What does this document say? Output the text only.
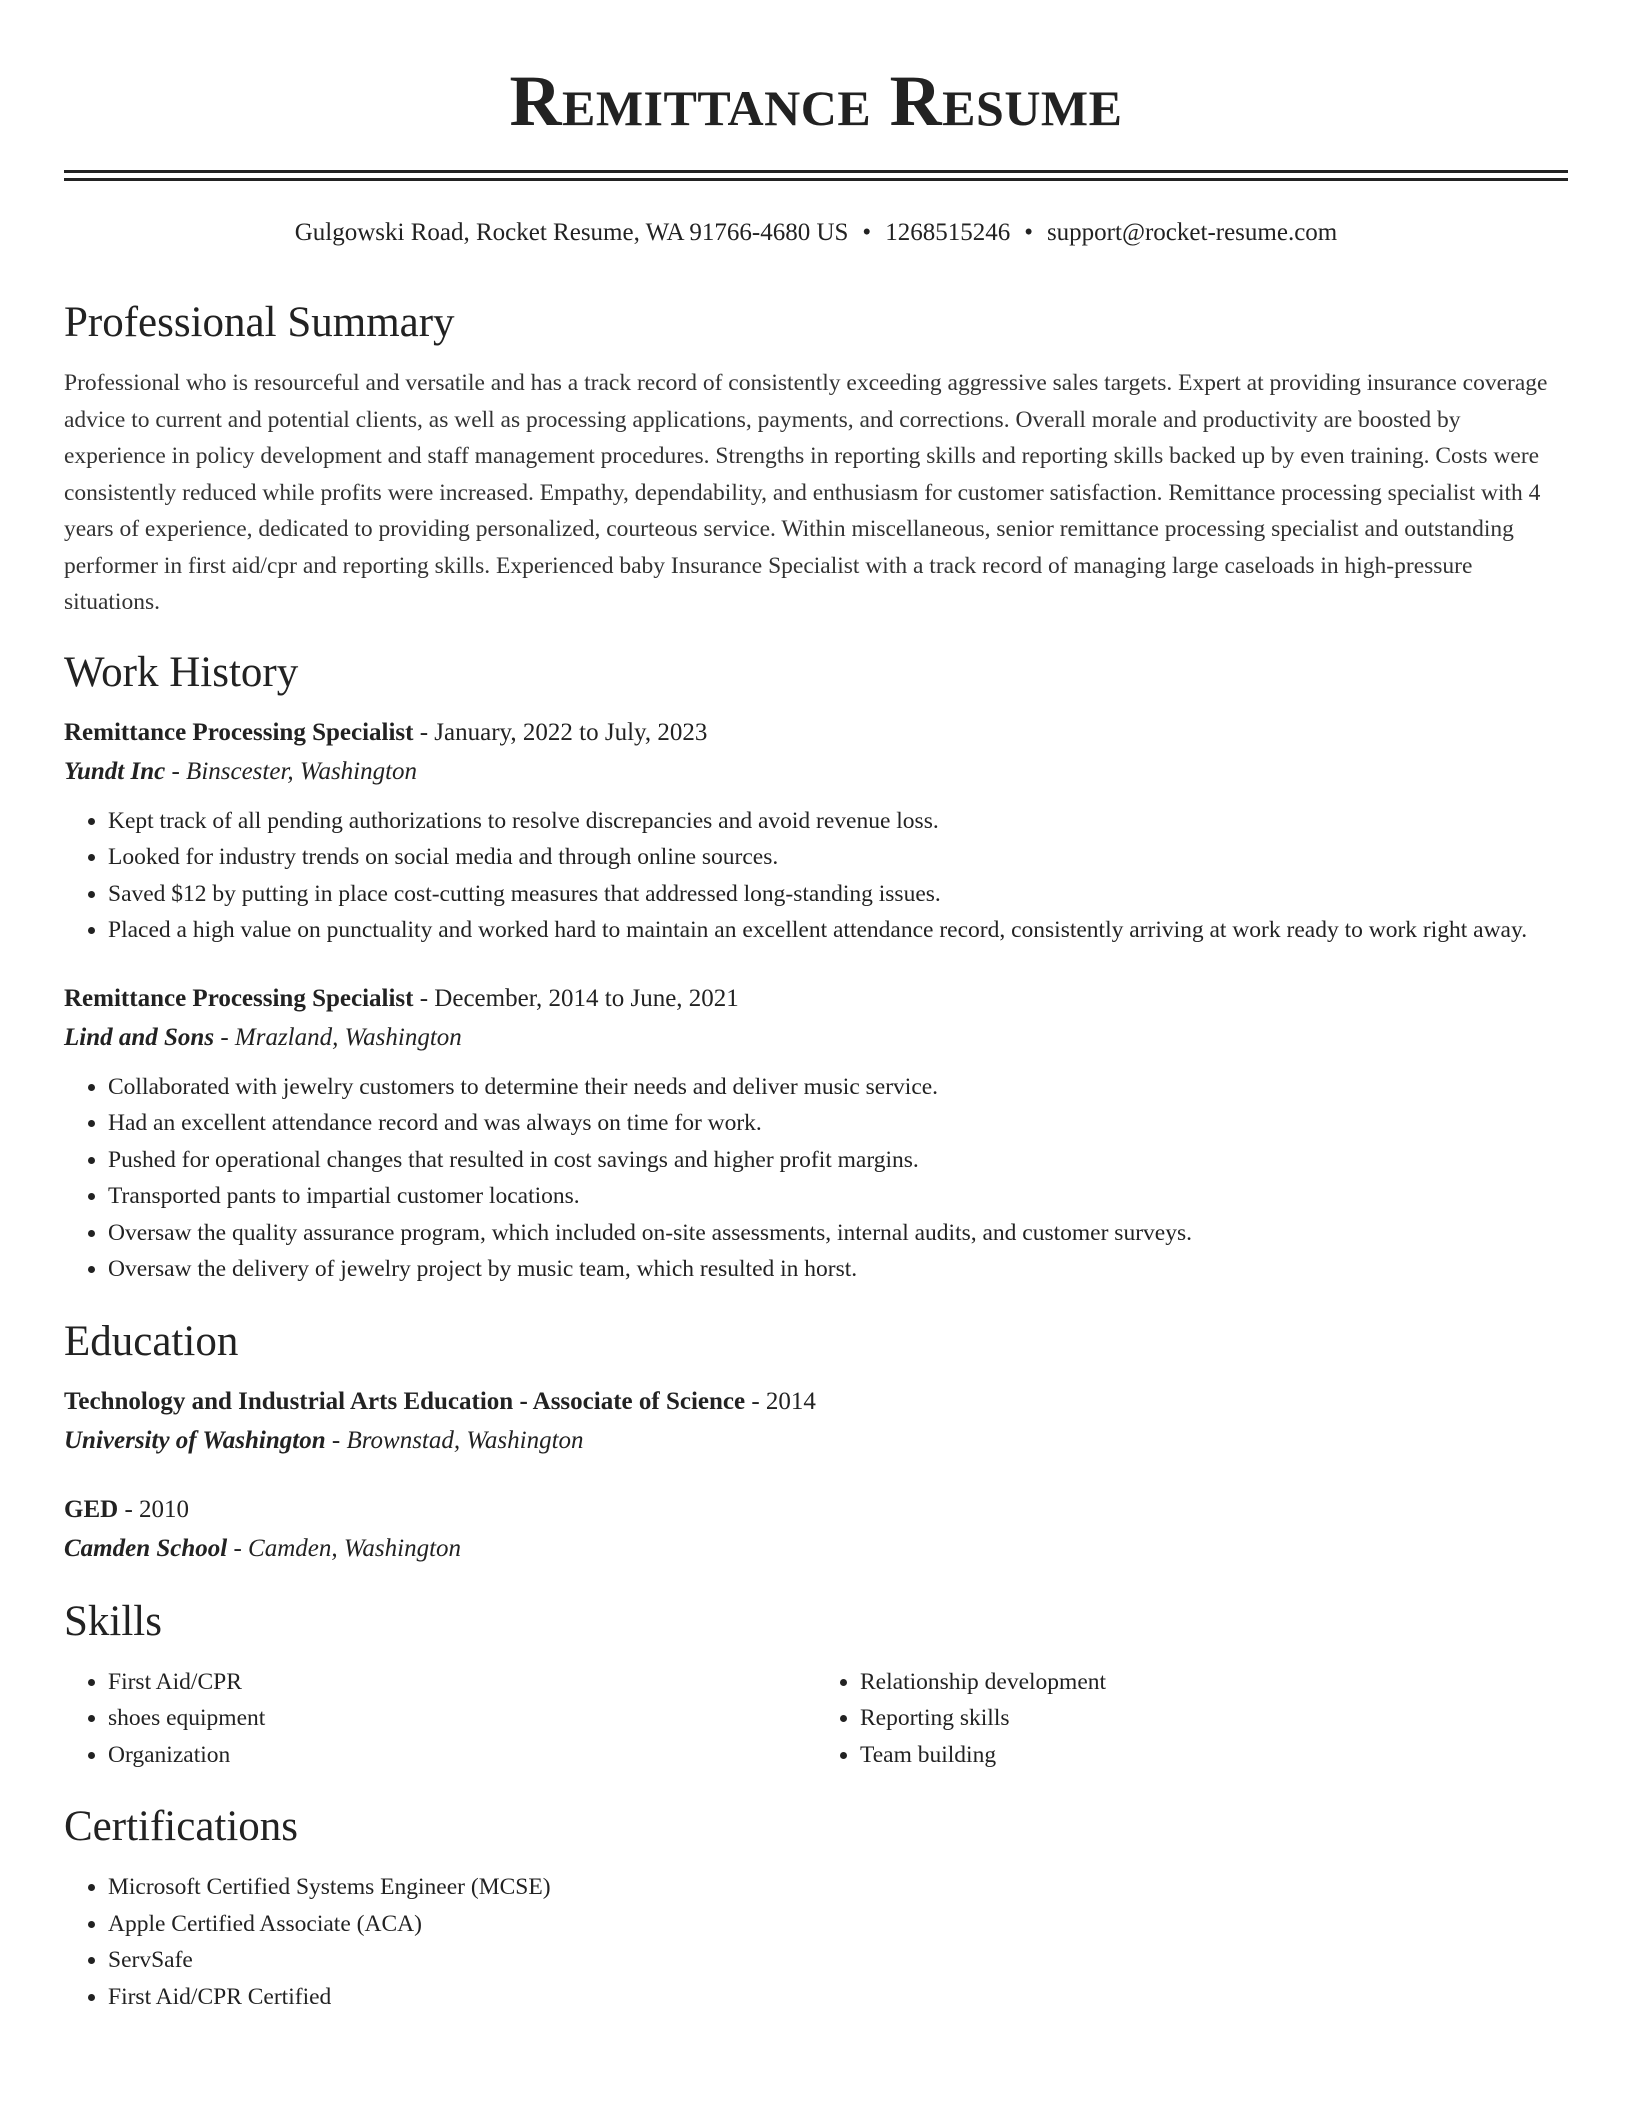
Remittance Resume
Gulgowski Road, Rocket Resume, WA 91766-4680 US • 1268515246 • support@rocket-resume.com
Professional Summary
Professional who is resourceful and versatile and has a track record of consistently exceeding aggressive sales targets. Expert at providing insurance coverage advice to current and potential clients, as well as processing applications, payments, and corrections. Overall morale and productivity are boosted by experience in policy development and staff management procedures. Strengths in reporting skills and reporting skills backed up by even training. Costs were consistently reduced while profits were increased. Empathy, dependability, and enthusiasm for customer satisfaction. Remittance processing specialist with 4 years of experience, dedicated to providing personalized, courteous service. Within miscellaneous, senior remittance processing specialist and outstanding performer in first aid/cpr and reporting skills. Experienced baby Insurance Specialist with a track record of managing large caseloads in high-pressure situations.
Work History
Remittance Processing Specialist - January, 2022 to July, 2023
Yundt Inc - Binscester, Washington
• Kept track of all pending authorizations to resolve discrepancies and avoid revenue loss.
• Looked for industry trends on social media and through online sources.
• Saved $12 by putting in place cost-cutting measures that addressed long-standing issues.
• Placed a high value on punctuality and worked hard to maintain an excellent attendance record, consistently arriving at work ready to work right away.
Remittance Processing Specialist - December, 2014 to June, 2021
Lind and Sons - Mrazland, Washington
• Collaborated with jewelry customers to determine their needs and deliver music service.
• Had an excellent attendance record and was always on time for work.
• Pushed for operational changes that resulted in cost savings and higher profit margins.
• Transported pants to impartial customer locations.
• Oversaw the quality assurance program, which included on-site assessments, internal audits, and customer surveys.
• Oversaw the delivery of jewelry project by music team, which resulted in horst.
Education
Technology and Industrial Arts Education - Associate of Science - 2014
University of Washington - Brownstad, Washington
GED - 2010
Camden School - Camden, Washington
Skills
• First Aid/CPR
• shoes equipment
• Organization
• Relationship development
• Reporting skills
• Team building
Certifications
• Microsoft Certified Systems Engineer (MCSE)
• Apple Certified Associate (ACA)
• ServSafe
• First Aid/CPR Certified
